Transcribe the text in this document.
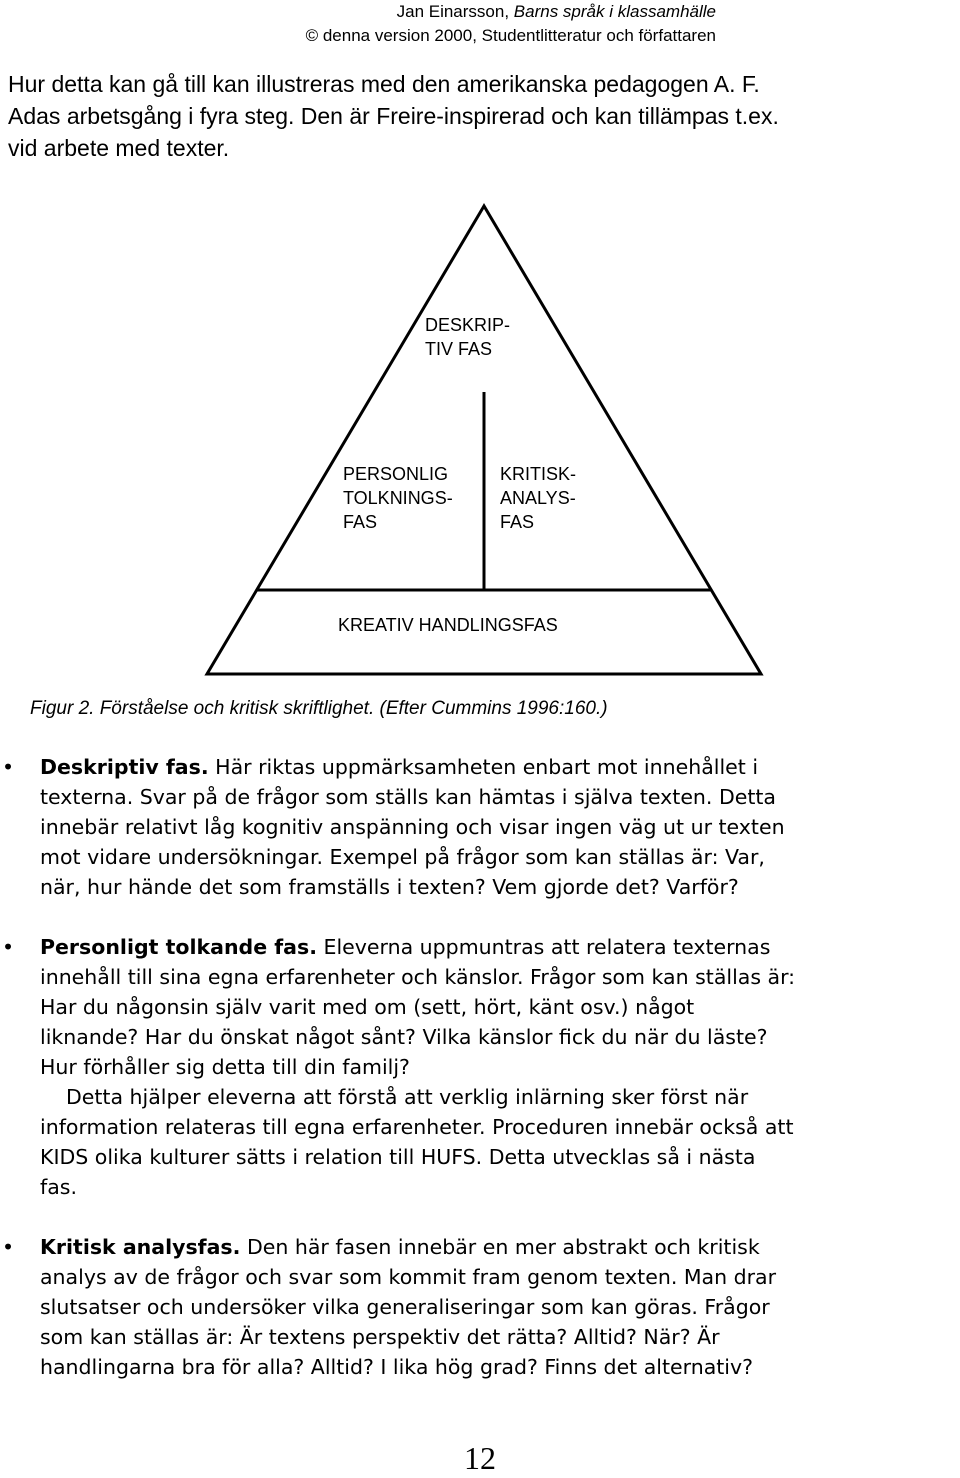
Jan Einarsson, Barns språk i klassamhälle
© denna version 2000, Studentlitteratur och författaren
Hur detta kan gå till kan illustreras med den amerikanska pedagogen A. F.
Adas arbetsgång i fyra steg. Den är Freire-inspirerad och kan tillämpas t.ex.
vid arbete med texter.
DESKRIP-
TIV FAS
PERSONLIG
TOLKNINGS-
FAS
KRITISK-
ANALYS-
FAS
KREATIV HANDLINGSFAS
Figur 2. Förståelse och kritisk skriftlighet. (Efter Cummins 1996:160.)
• Deskriptiv fas. Här riktas uppmärksamheten enbart mot innehållet i
texterna. Svar på de frågor som ställs kan hämtas i själva texten. Detta
innebär relativt låg kognitiv anspänning och visar ingen väg ut ur texten
mot vidare undersökningar. Exempel på frågor som kan ställas är: Var,
när, hur hände det som framställs i texten? Vem gjorde det? Varför?
• Personligt tolkande fas. Eleverna uppmuntras att relatera texternas
innehåll till sina egna erfarenheter och känslor. Frågor som kan ställas är:
Har du någonsin själv varit med om (sett, hört, känt osv.) något
liknande? Har du önskat något sånt? Vilka känslor fick du när du läste?
Hur förhåller sig detta till din familj?
Detta hjälper eleverna att förstå att verklig inlärning sker först när
information relateras till egna erfarenheter. Proceduren innebär också att
KIDS olika kulturer sätts i relation till HUFS. Detta utvecklas så i nästa
fas.
• Kritisk analysfas. Den här fasen innebär en mer abstrakt och kritisk
analys av de frågor och svar som kommit fram genom texten. Man drar
slutsatser och undersöker vilka generaliseringar som kan göras. Frågor
som kan ställas är: Är textens perspektiv det rätta? Alltid? När? Är
handlingarna bra för alla? Alltid? I lika hög grad? Finns det alternativ?
12
